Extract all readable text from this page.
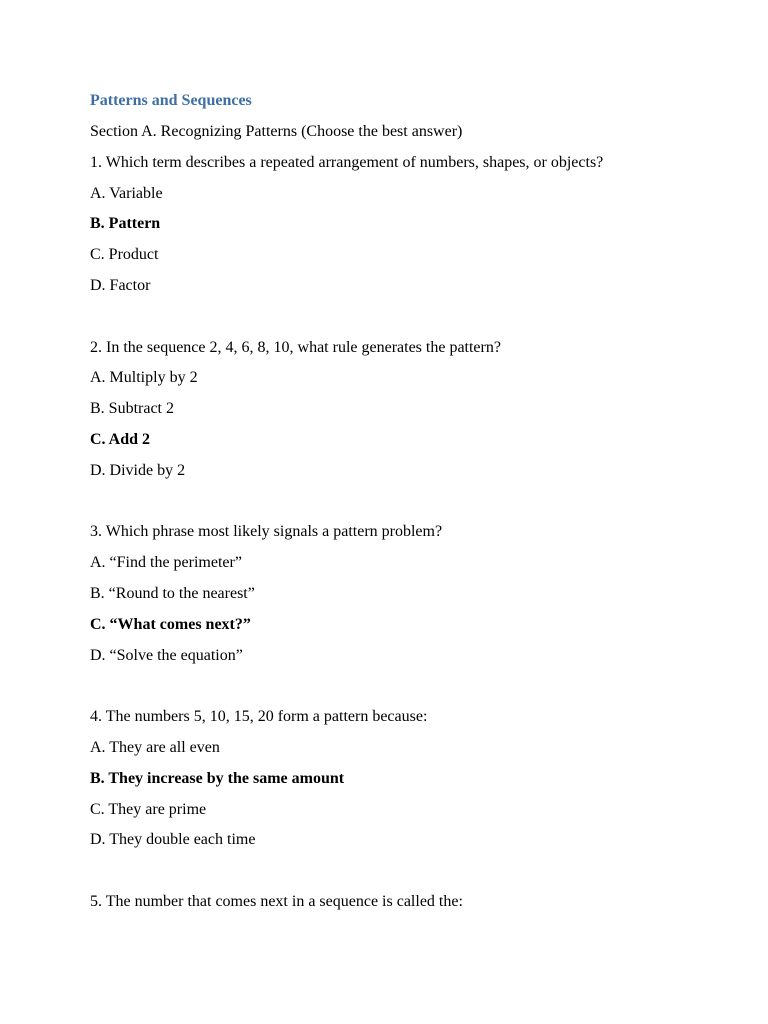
Patterns and Sequences
Section A. Recognizing Patterns (Choose the best answer)
1. Which term describes a repeated arrangement of numbers, shapes, or objects?
A. Variable
B. Pattern
C. Product
D. Factor
2. In the sequence 2, 4, 6, 8, 10, what rule generates the pattern?
A. Multiply by 2
B. Subtract 2
C. Add 2
D. Divide by 2
3. Which phrase most likely signals a pattern problem?
A. “Find the perimeter”
B. “Round to the nearest”
C. “What comes next?”
D. “Solve the equation”
4. The numbers 5, 10, 15, 20 form a pattern because:
A. They are all even
B. They increase by the same amount
C. They are prime
D. They double each time
5. The number that comes next in a sequence is called the:
